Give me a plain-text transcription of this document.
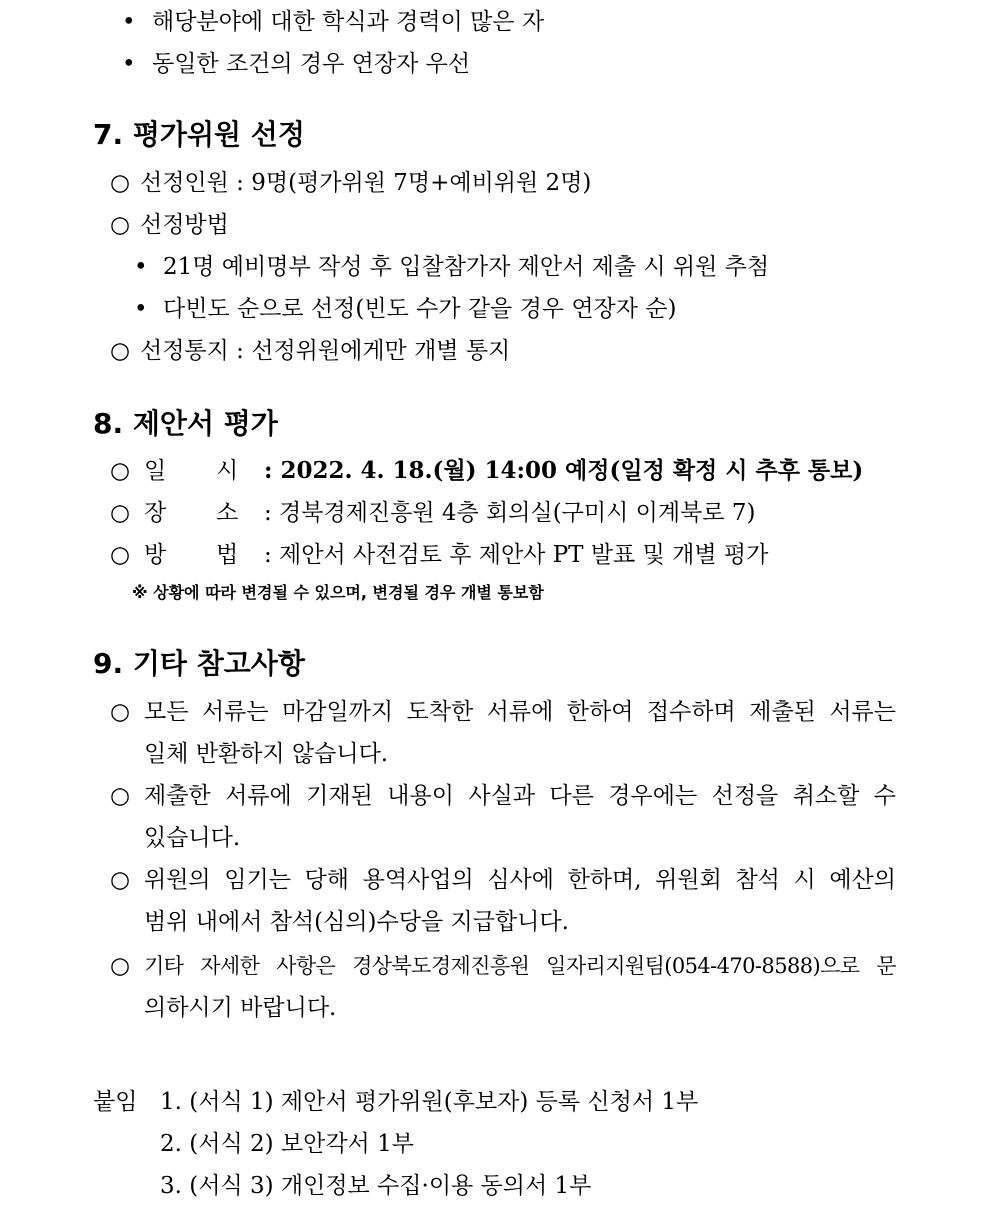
• 해당분야에 대한 학식과 경력이 많은 자
• 동일한 조건의 경우 연장자 우선
7. 평가위원 선정
○ 선정인원 : 9명(평가위원 7명+예비위원 2명)
○ 선정방법
• 21명 예비명부 작성 후 입찰참가자 제안서 제출 시 위원 추첨
• 다빈도 순으로 선정(빈도 수가 같을 경우 연장자 순)
○ 선정통지 : 선정위원에게만 개별 통지
8. 제안서 평가
○ 일 시 : 2022. 4. 18.(월) 14:00 예정(일정 확정 시 추후 통보)
○ 장 소 : 경북경제진흥원 4층 회의실(구미시 이계북로 7)
○ 방 법 : 제안서 사전검토 후 제안사 PT 발표 및 개별 평가
※ 상황에 따라 변경될 수 있으며, 변경될 경우 개별 통보함
9. 기타 참고사항
○ 모든 서류는 마감일까지 도착한 서류에 한하여 접수하며 제출된 서류는
일체 반환하지 않습니다.
○ 제출한 서류에 기재된 내용이 사실과 다른 경우에는 선정을 취소할 수
있습니다.
○ 위원의 임기는 당해 용역사업의 심사에 한하며, 위원회 참석 시 예산의
범위 내에서 참석(심의)수당을 지급합니다.
○ 기타 자세한 사항은 경상북도경제진흥원 일자리지원팀(054-470-8588)으로 문
의하시기 바랍니다.
붙임 1. (서식 1) 제안서 평가위원(후보자) 등록 신청서 1부
2. (서식 2) 보안각서 1부
3. (서식 3) 개인정보 수집·이용 동의서 1부
